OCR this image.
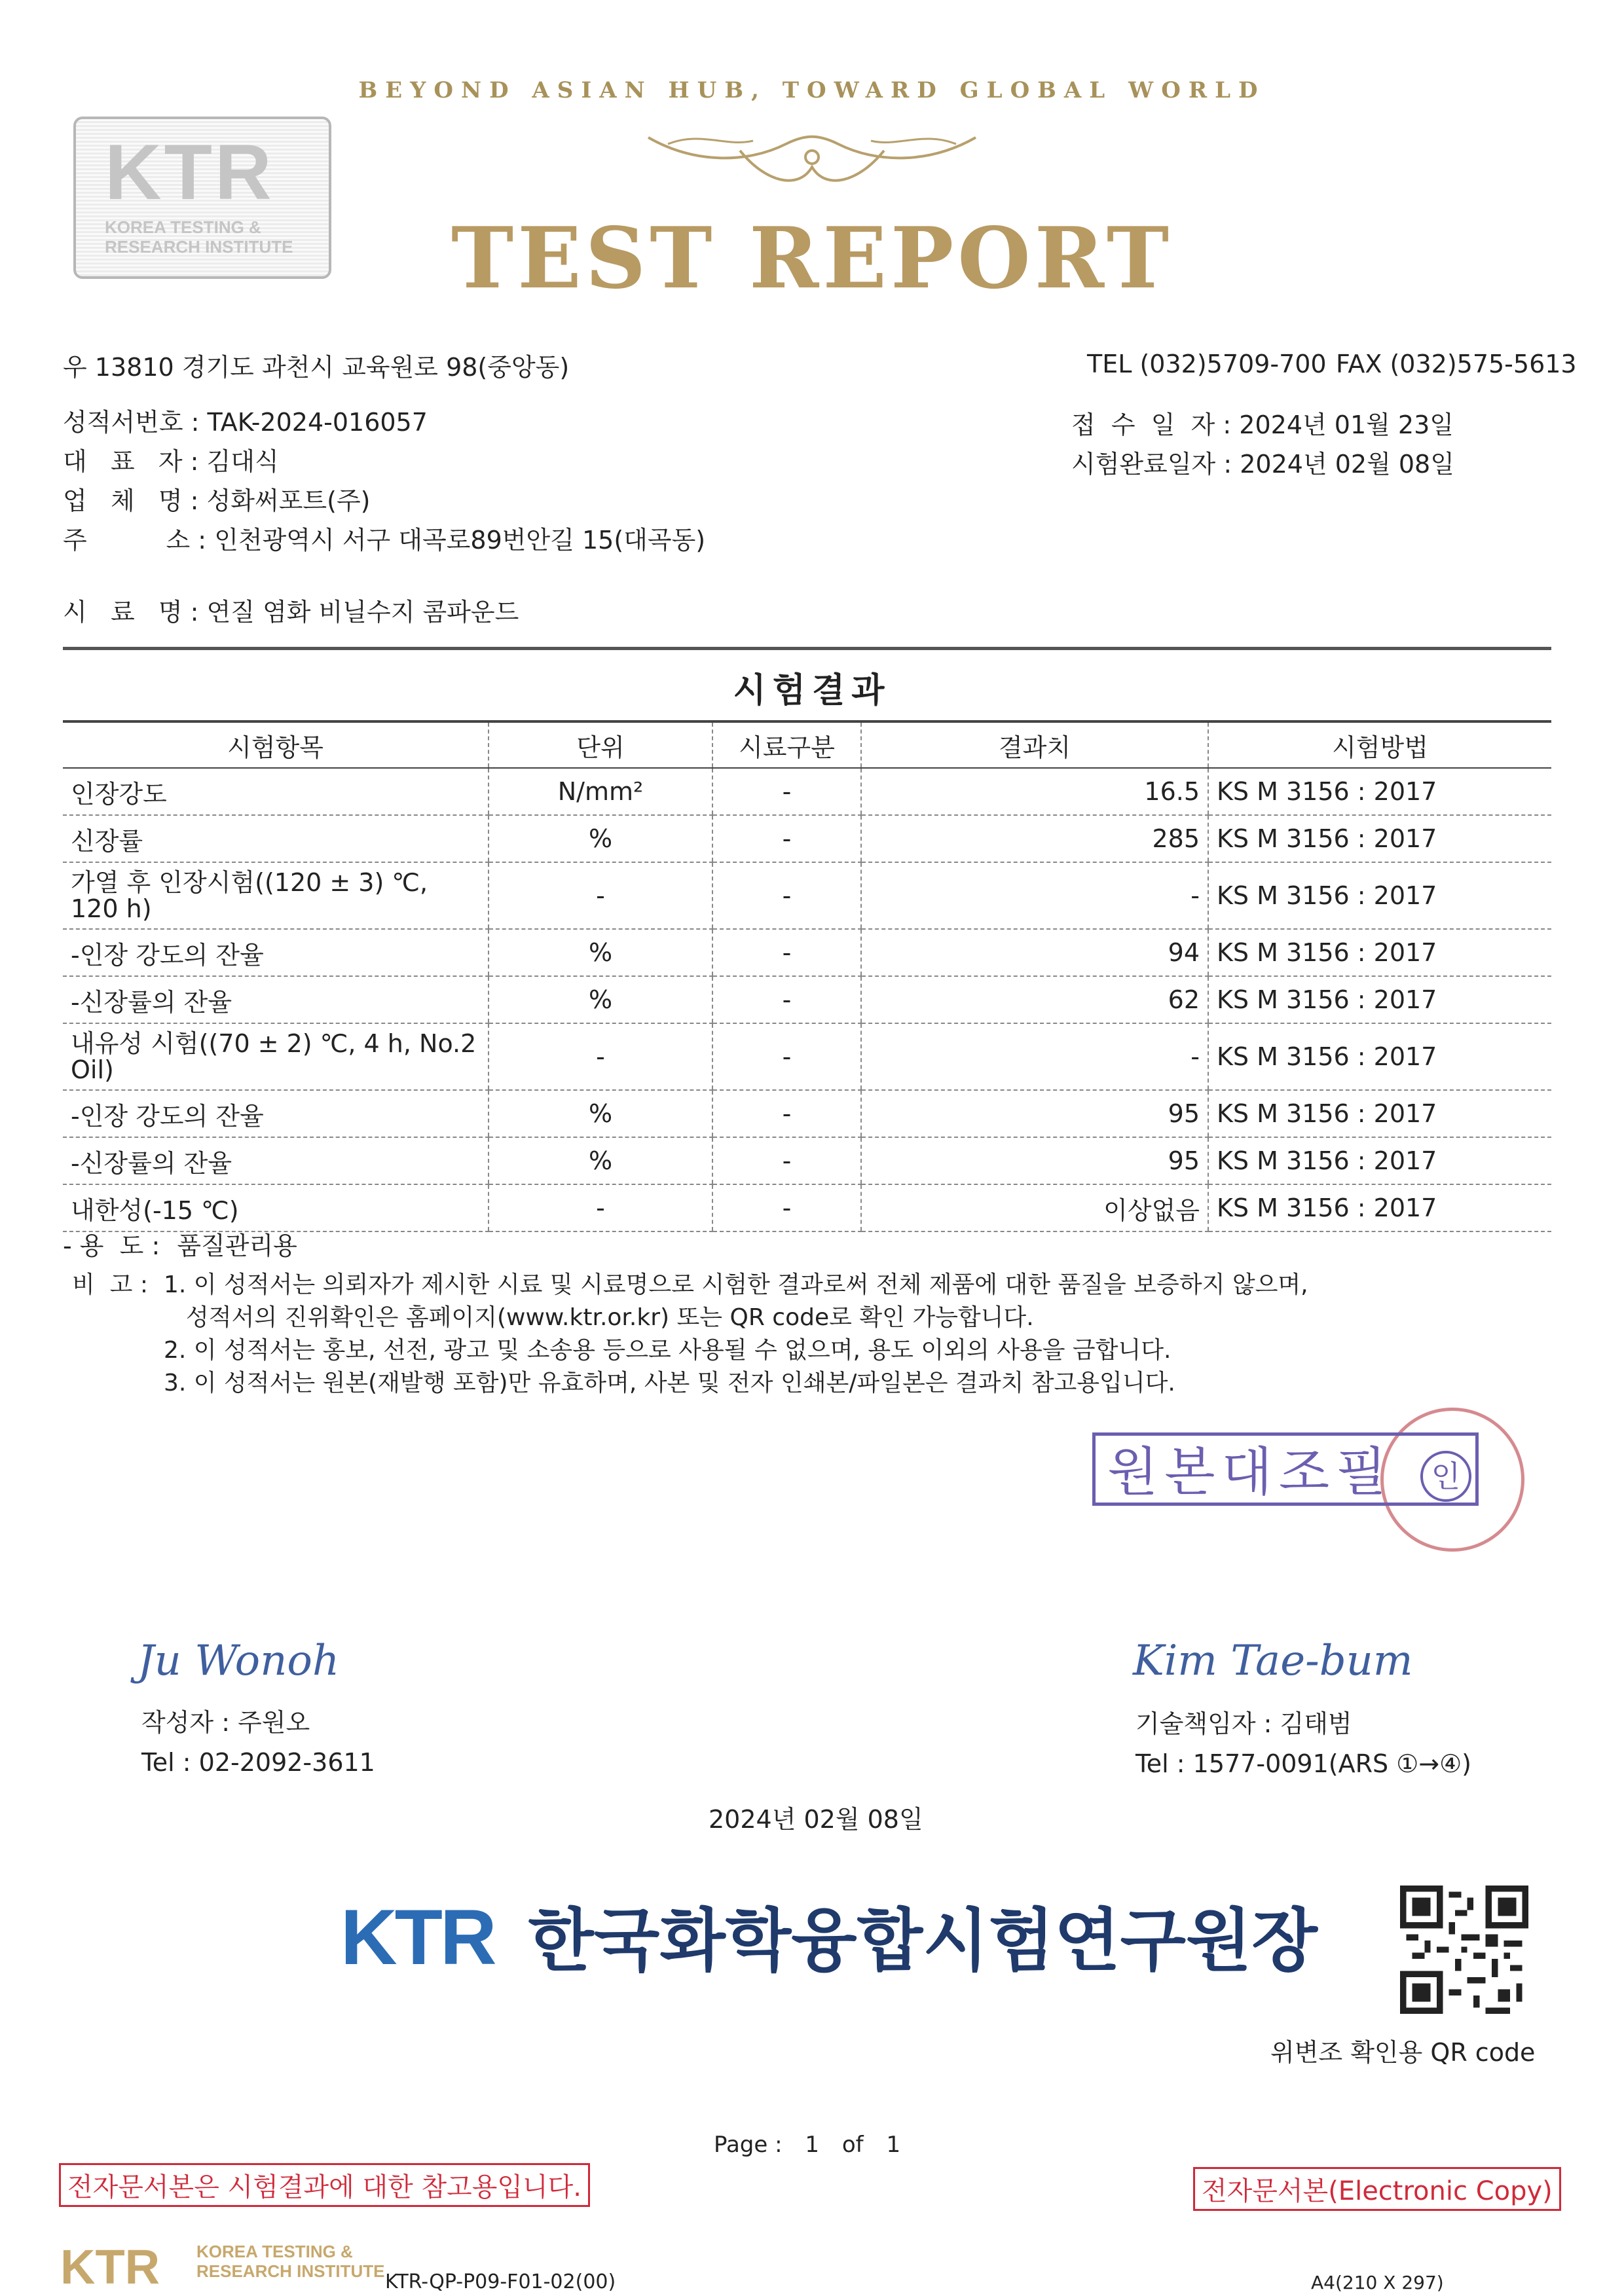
BEYOND ASIAN HUB, TOWARD GLOBAL WORLD
TEST REPORT
KTR
KOREA TESTING &
RESEARCH INSTITUTE
우 13810 경기도 과천시 교육원로 98(중앙동)	TEL (032)5709-700 FAX (032)575-5613
성적서번호 : TAK-2024-016057
대   표   자 : 김대식
업   체   명 : 성화써포트(주)
주          소 : 인천광역시 서구 대곡로89번안길 15(대곡동)
시   료   명 : 연질 염화 비닐수지 콤파운드
접  수  일  자 : 2024년 01월 23일
시험완료일자 : 2024년 02월 08일
시험결과
시험항목	단위	시료구분	결과치	시험방법
인장강도	N/mm²	-	16.5	KS M 3156 : 2017
신장률	%	-	285	KS M 3156 : 2017
가열 후 인장시험((120 ± 3) ℃, 120 h)	-	-	-	KS M 3156 : 2017
-인장 강도의 잔율	%	-	94	KS M 3156 : 2017
-신장률의 잔율	%	-	62	KS M 3156 : 2017
내유성 시험((70 ± 2) ℃, 4 h, No.2 Oil)	-	-	-	KS M 3156 : 2017
-인장 강도의 잔율	%	-	95	KS M 3156 : 2017
-신장률의 잔율	%	-	95	KS M 3156 : 2017
내한성(-15 ℃)	-	-	이상없음	KS M 3156 : 2017
- 용  도 : 품질관리용
비  고 : 1. 이 성적서는 의뢰자가 제시한 시료 및 시료명으로 시험한 결과로써 전체 제품에 대한 품질을 보증하지 않으며,
성적서의 진위확인은 홈페이지(www.ktr.or.kr) 또는 QR code로 확인 가능합니다.
2. 이 성적서는 홍보, 선전, 광고 및 소송용 등으로 사용될 수 없으며, 용도 이외의 사용을 금합니다.
3. 이 성적서는 원본(재발행 포함)만 유효하며, 사본 및 전자 인쇄본/파일본은 결과치 참고용입니다.
원본대조필 인
Ju Wonoh
작성자 : 주원오
Tel : 02-2092-3611
Kim Tae-bum
기술책임자 : 김태범
Tel : 1577-0091(ARS ①→④)
2024년 02월 08일
KTR 한국화학융합시험연구원장
위변조 확인용 QR code
Page : 1 of 1
전자문서본은 시험결과에 대한 참고용입니다.	전자문서본(Electronic Copy)
KTR KOREA TESTING &
RESEARCH INSTITUTE KTR-QP-P09-F01-02(00)	A4(210 X 297)
